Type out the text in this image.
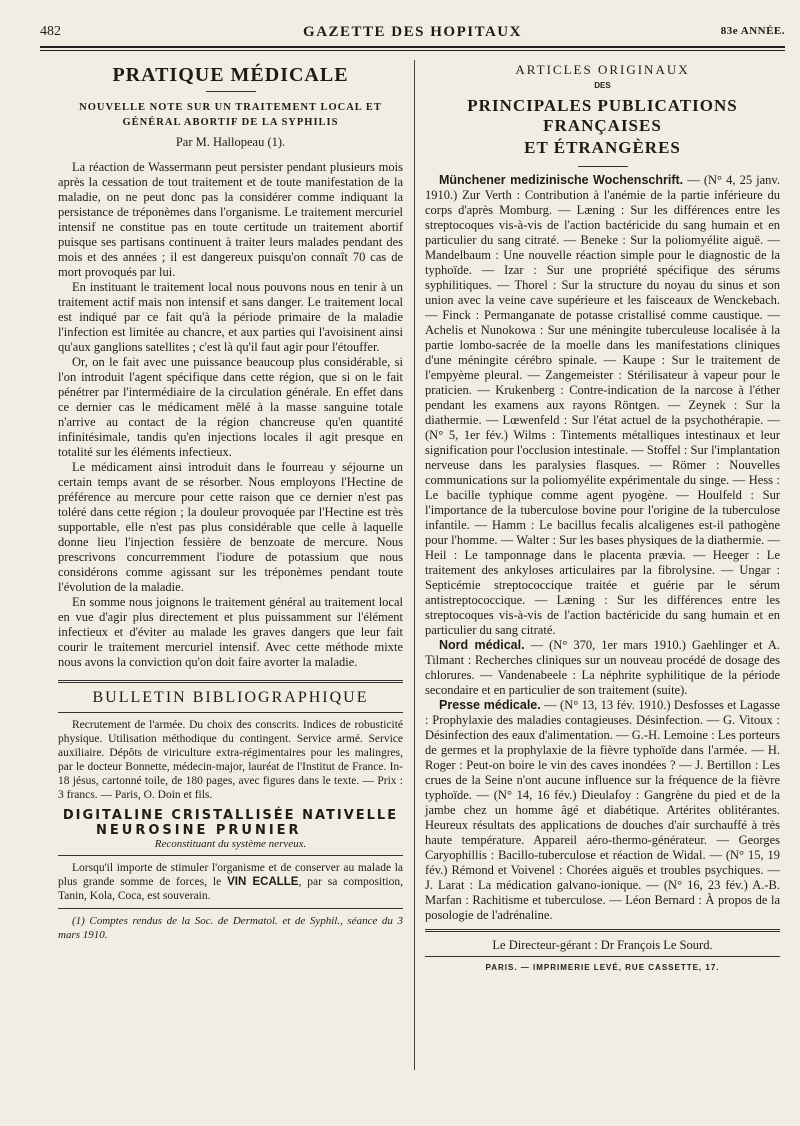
482	GAZETTE DES HOPITAUX	83e ANNÉE.
PRATIQUE MÉDICALE
NOUVELLE NOTE SUR UN TRAITEMENT LOCAL ET GÉNÉRAL ABORTIF DE LA SYPHILIS
Par M. Hallopeau (1).

La réaction de Wassermann peut persister pendant plusieurs mois après la cessation de tout traitement et de toute manifestation de la maladie, on ne peut donc pas la considérer comme indiquant la persistance de tréponèmes dans l'organisme. Le traitement mercuriel intensif ne constitue pas en toute certitude un traitement abortif puisque ses partisans continuent à traiter leurs malades pendant des mois et des années ; il est dangereux puisqu'on connaît 70 cas de mort provoqués par lui.

En instituant le traitement local nous pouvons nous en tenir à un traitement actif mais non intensif et sans danger. Le traitement local est indiqué par ce fait qu'à la période primaire de la maladie l'infection est limitée au chancre, et aux parties qui l'avoisinent ainsi qu'aux ganglions satellites ; c'est là qu'il faut agir pour l'étouffer.

Or, on le fait avec une puissance beaucoup plus considérable, si l'on introduit l'agent spécifique dans cette région, que si on le fait pénétrer par l'intermédiaire de la circulation générale. En effet dans ce dernier cas le médicament mêlé à la masse sanguine totale n'arrive au contact de la région chancreuse qu'en quantité infinitésimale, tandis qu'en injections locales il agit presque en totalité sur les éléments infectieux.

Le médicament ainsi introduit dans le fourreau y séjourne un certain temps avant de se résorber. Nous employons l'Hectine de préférence au mercure pour cette raison que ce dernier n'est pas toléré dans cette région ; la douleur provoquée par l'Hectine est très supportable, elle n'est pas plus considérable que celle à laquelle donne lieu l'injection fessière de benzoate de mercure. Nous prescrivons concurremment l'iodure de potassium que nous considérons comme agissant sur les tréponèmes pendant toute l'évolution de la maladie.

En somme nous joignons le traitement général au traitement local en vue d'agir plus directement et plus puissamment sur l'élément infectieux et d'éviter au malade les graves dangers que leur fait courir le traitement mercuriel intensif. Avec cette méthode mixte nous avons la conviction qu'on doit faire avorter la maladie.

BULLETIN BIBLIOGRAPHIQUE

Recrutement de l'armée. Du choix des conscrits. Indices de robusticité physique. Utilisation méthodique du contingent. Service armé. Service auxiliaire. Dépôts de viriculture extra-régimentaires pour les malingres, par le docteur Bonnette, médecin-major, lauréat de l'Institut de France. In-18 jésus, cartonné toile, de 180 pages, avec figures dans le texte. — Prix : 3 francs. — Paris, O. Doin et fils.

DIGITALINE CRISTALLISÉE NATIVELLE
NEUROSINE PRUNIER
Reconstituant du système nerveux.

Lorsqu'il importe de stimuler l'organisme et de conserver au malade la plus grande somme de forces, le VIN ECALLE, par sa composition, Tanin, Kola, Coca, est souverain.

(1) Comptes rendus de la Soc. de Dermatol. et de Syphil., séance du 3 mars 1910.

ARTICLES ORIGINAUX
DES
PRINCIPALES PUBLICATIONS FRANÇAISES
ET ÉTRANGÈRES

Münchener medizinische Wochenschrift. — (N° 4, 25 janv. 1910.) Zur Verth : Contribution à l'anémie de la partie inférieure du corps d'après Momburg. — Læning : Sur les différences entre les streptocoques vis-à-vis de l'action bactéricide du sang humain et en particulier du sang citraté. — Beneke : Sur la poliomyélite aiguë. — Mandelbaum : Une nouvelle réaction simple pour le diagnostic de la typhoïde. — Izar : Sur une propriété spécifique des sérums syphilitiques. — Thorel : Sur la structure du noyau du sinus et son union avec la veine cave supérieure et les faisceaux de Wenckebach. — Finck : Permanganate de potasse cristallisé comme caustique. — Achelis et Nunokowa : Sur une méningite tuberculeuse localisée à la partie lombo-sacrée de la moelle dans les manifestations cliniques d'une méningite cérébro spinale. — Kaupe : Sur le traitement de l'empyème pleural. — Zangemeister : Stérilisateur à vapeur pour le praticien. — Krukenberg : Contre-indication de la narcose à l'éther pendant les examens aux rayons Röntgen. — Zeynek : Sur la diathermie. — Lœwenfeld : Sur l'état actuel de la psychothérapie. — (N° 5, 1er fév.) Wilms : Tintements métalliques intestinaux et leur signification pour l'occlusion intestinale. — Stoffel : Sur l'implantation nerveuse dans les paralysies flasques. — Römer : Nouvelles communications sur la poliomyélite expérimentale du singe. — Hess : Le bacille typhique comme agent pyogène. — Houlfeld : Sur l'importance de la tuberculose bovine pour l'origine de la tuberculose infantile. — Hamm : Le bacillus fecalis alcaligenes est-il pathogène pour l'homme. — Walter : Sur les bases physiques de la diathermie. — Heil : Le tamponnage dans le placenta prævia. — Heeger : Le traitement des ankyloses articulaires par la fibrolysine. — Ungar : Septicémie streptococcique traitée et guérie par le sérum antistreptococcique. — Læning : Sur les différences entre les streptocoques vis-à-vis de l'action bactéricide du sang humain et en particulier du sang citraté.

Nord médical. — (N° 370, 1er mars 1910.) Gaehlinger et A. Tilmant : Recherches cliniques sur un nouveau procédé de dosage des chlorures. — Vandenabeele : La néphrite syphilitique de la période secondaire et en particulier de son traitement (suite).

Presse médicale. — (N° 13, 13 fév. 1910.) Desfosses et Lagasse : Prophylaxie des maladies contagieuses. Désinfection. — G. Vitoux : Désinfection des eaux d'alimentation. — G.-H. Lemoine : Les porteurs de germes et la prophylaxie de la fièvre typhoïde dans l'armée. — H. Roger : Peut-on boire le vin des caves inondées ? — J. Bertillon : Les crues de la Seine n'ont aucune influence sur la fréquence de la fièvre typhoïde. — (N° 14, 16 fév.) Dieulafoy : Gangrène du pied et de la jambe chez un homme âgé et diabétique. Artérites oblitérantes. Heureux résultats des applications de douches d'air surchauffé à très haute température. Appareil aéro-thermo-générateur. — Georges Caryophillis : Bacillo-tuberculose et réaction de Widal. — (N° 15, 19 fév.) Rémond et Voivenel : Chorées aiguës et troubles psychiques. — J. Larat : La médication galvano-ionique. — (N° 16, 23 fév.) A.-B. Marfan : Rachitisme et tuberculose. — Léon Bernard : À propos de la posologie de l'adrénaline.

Le Directeur-gérant : Dr François Le Sourd.
PARIS. — IMPRIMERIE LEVÉ, RUE CASSETTE, 17.
